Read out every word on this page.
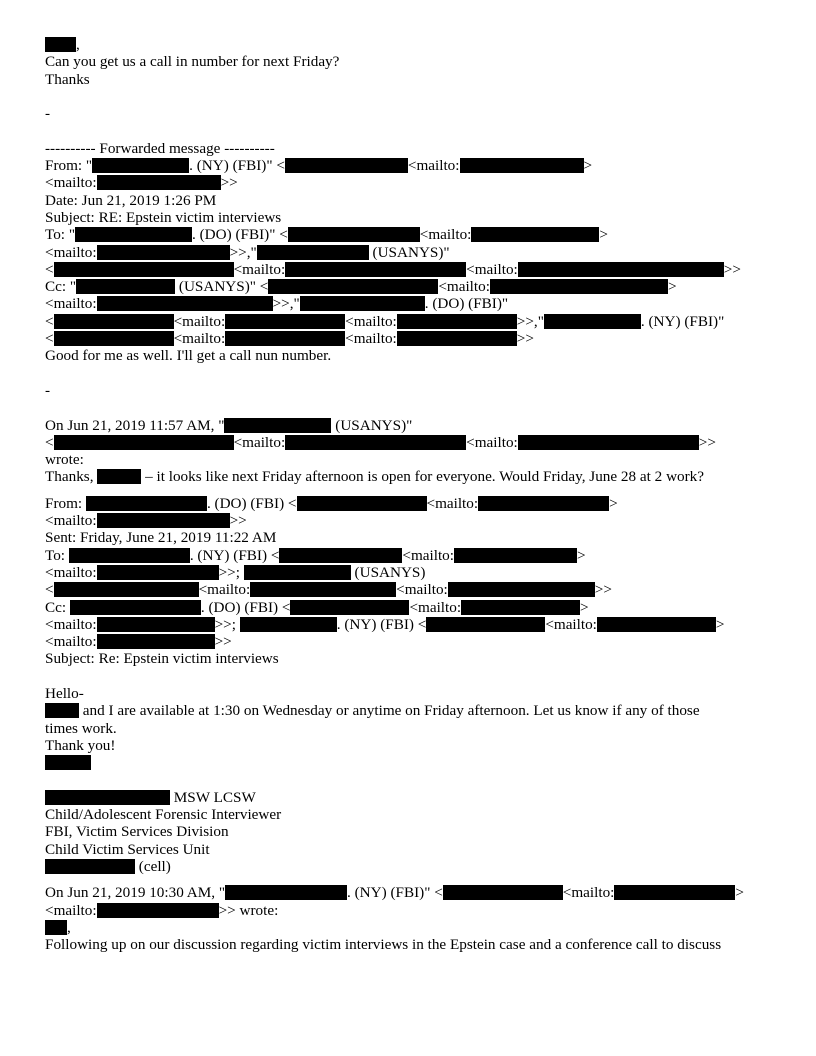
,
Can you get us a call in number for next Friday?
Thanks
-
---------- Forwarded message ----------
From: "	. (NY) (FBI)" <	<mailto:	>
<mailto:	>>
Date: Jun 21, 2019 1:26 PM
Subject: RE: Epstein victim interviews
To: "	. (DO) (FBI)" <	<mailto:	>
<mailto:	>>,"	(USANYS)"
<	<mailto:	<mailto:	>>
Cc: "	(USANYS)" <	<mailto:	>
<mailto:	>>,"	. (DO) (FBI)"
<	<mailto:	<mailto:	>>,"	. (NY) (FBI)"
<	<mailto:	<mailto:	>>
Good for me as well. I'll get a call nun number.
-
On Jun 21, 2019 11:57 AM, "	(USANYS)"
<	<mailto:	<mailto:	>>
wrote:
Thanks,	– it looks like next Friday afternoon is open for everyone. Would Friday, June 28 at 2 work?
From:	. (DO) (FBI) <	<mailto:	>
<mailto:	>>
Sent: Friday, June 21, 2019 11:22 AM
To:	. (NY) (FBI) <	<mailto:	>
<mailto:	>>;	(USANYS)
<	<mailto:	<mailto:	>>
Cc:	. (DO) (FBI) <	<mailto:	>
<mailto:	>>;	. (NY) (FBI) <	<mailto:	>
<mailto:	>>
Subject: Re: Epstein victim interviews
Hello-
and I are available at 1:30 on Wednesday or anytime on Friday afternoon. Let us know if any of those
times work.
Thank you!
MSW LCSW
Child/Adolescent Forensic Interviewer
FBI, Victim Services Division
Child Victim Services Unit
(cell)
On Jun 21, 2019 10:30 AM, "	. (NY) (FBI)" <	<mailto:	>
<mailto:	>> wrote:
,
Following up on our discussion regarding victim interviews in the Epstein case and a conference call to discuss
